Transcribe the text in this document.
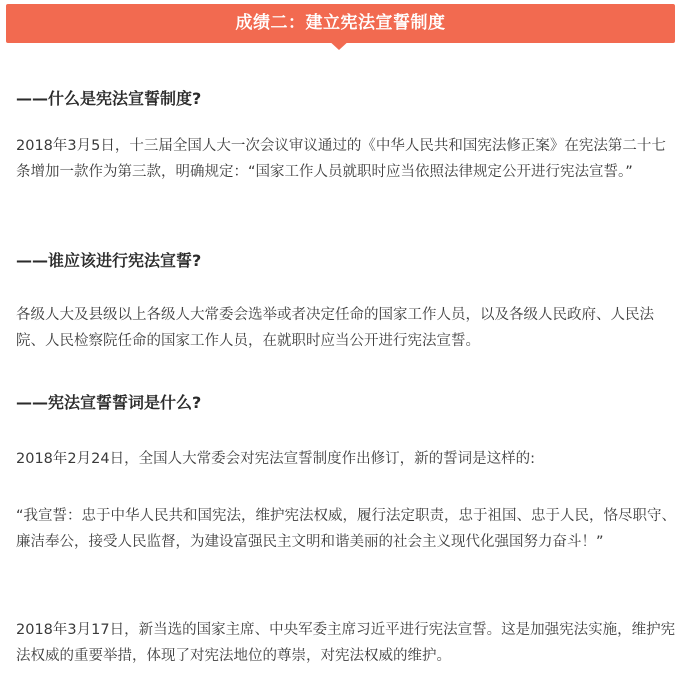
成绩二：建立宪法宣誓制度

——什么是宪法宣誓制度?

2018年3月5日，十三届全国人大一次会议审议通过的《中华人民共和国宪法修正案》在宪法第二十七条增加一款作为第三款，明确规定：“国家工作人员就职时应当依照法律规定公开进行宪法宣誓。”

——谁应该进行宪法宣誓?

各级人大及县级以上各级人大常委会选举或者决定任命的国家工作人员，以及各级人民政府、人民法院、人民检察院任命的国家工作人员，在就职时应当公开进行宪法宣誓。

——宪法宣誓誓词是什么?

2018年2月24日，全国人大常委会对宪法宣誓制度作出修订，新的誓词是这样的:

“我宣誓：忠于中华人民共和国宪法，维护宪法权威，履行法定职责，忠于祖国、忠于人民，恪尽职守、廉洁奉公，接受人民监督，为建设富强民主文明和谐美丽的社会主义现代化强国努力奋斗！”

2018年3月17日，新当选的国家主席、中央军委主席习近平进行宪法宣誓。这是加强宪法实施，维护宪法权威的重要举措，体现了对宪法地位的尊崇，对宪法权威的维护。
